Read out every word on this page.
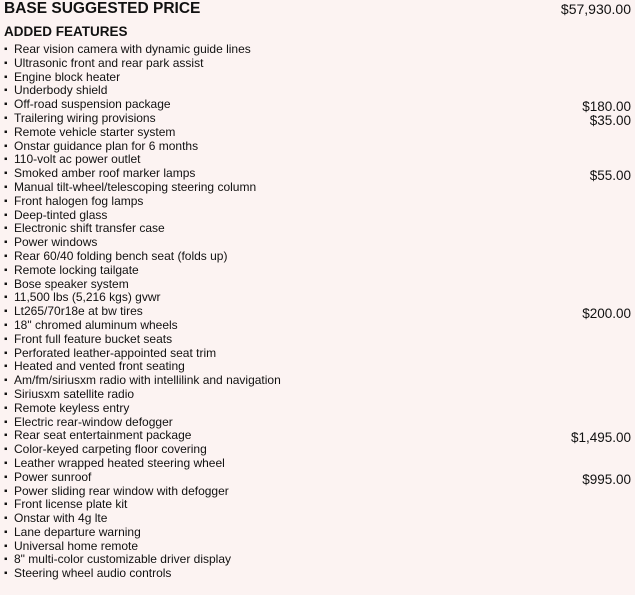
BASE SUGGESTED PRICE	$57,930.00
ADDED FEATURES
▪ Rear vision camera with dynamic guide lines
▪ Ultrasonic front and rear park assist
▪ Engine block heater
▪ Underbody shield
▪ Off-road suspension package	$180.00
▪ Trailering wiring provisions	$35.00
▪ Remote vehicle starter system
▪ Onstar guidance plan for 6 months
▪ 110-volt ac power outlet
▪ Smoked amber roof marker lamps	$55.00
▪ Manual tilt-wheel/telescoping steering column
▪ Front halogen fog lamps
▪ Deep-tinted glass
▪ Electronic shift transfer case
▪ Power windows
▪ Rear 60/40 folding bench seat (folds up)
▪ Remote locking tailgate
▪ Bose speaker system
▪ 11,500 lbs (5,216 kgs) gvwr
▪ Lt265/70r18e at bw tires	$200.00
▪ 18" chromed aluminum wheels
▪ Front full feature bucket seats
▪ Perforated leather-appointed seat trim
▪ Heated and vented front seating
▪ Am/fm/siriusxm radio with intellilink and navigation
▪ Siriusxm satellite radio
▪ Remote keyless entry
▪ Electric rear-window defogger
▪ Rear seat entertainment package	$1,495.00
▪ Color-keyed carpeting floor covering
▪ Leather wrapped heated steering wheel
▪ Power sunroof	$995.00
▪ Power sliding rear window with defogger
▪ Front license plate kit
▪ Onstar with 4g lte
▪ Lane departure warning
▪ Universal home remote
▪ 8" multi-color customizable driver display
▪ Steering wheel audio controls
